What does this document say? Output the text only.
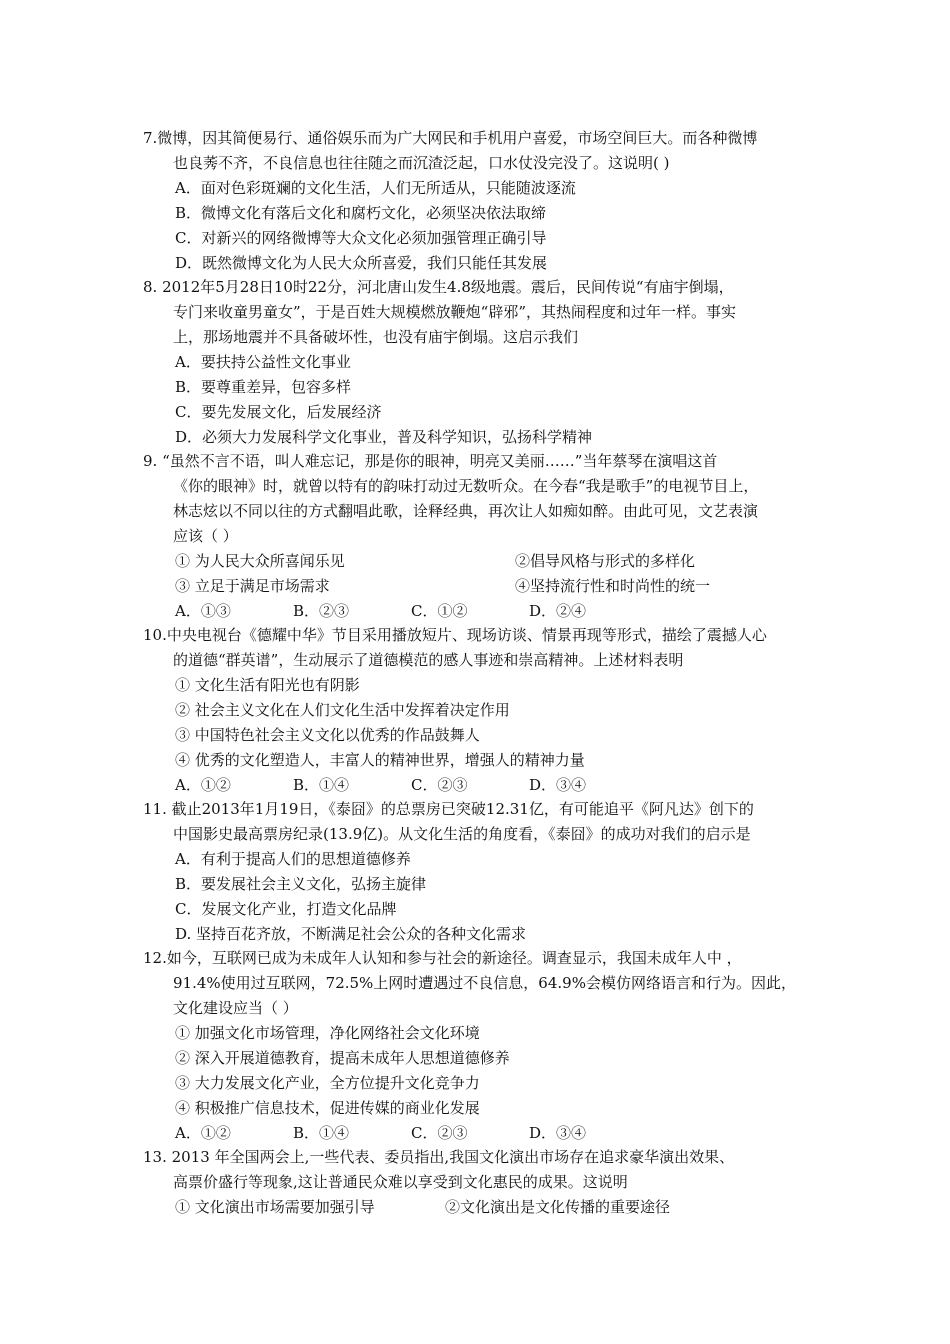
7.微博，因其简便易行、通俗娱乐而为广大网民和手机用户喜爱，市场空间巨大。而各种微博
也良莠不齐，不良信息也往往随之而沉渣泛起，口水仗没完没了。这说明( )
A．面对色彩斑斓的文化生活，人们无所适从，只能随波逐流
B．微博文化有落后文化和腐朽文化，必须坚决依法取缔
C．对新兴的网络微博等大众文化必须加强管理正确引导
D．既然微博文化为人民大众所喜爱，我们只能任其发展
8. 2012年5月28日10时22分，河北唐山发生4.8级地震。震后，民间传说“有庙宇倒塌，
专门来收童男童女”，于是百姓大规模燃放鞭炮“辟邪”，其热闹程度和过年一样。事实
上，那场地震并不具备破坏性，也没有庙宇倒塌。这启示我们
A．要扶持公益性文化事业
B．要尊重差异，包容多样
C．要先发展文化，后发展经济
D．必须大力发展科学文化事业，普及科学知识，弘扬科学精神
9. “虽然不言不语，叫人难忘记，那是你的眼神，明亮又美丽……”当年蔡琴在演唱这首
《你的眼神》时，就曾以特有的韵味打动过无数听众。在今春“我是歌手”的电视节目上，
林志炫以不同以往的方式翻唱此歌，诠释经典，再次让人如痴如醉。由此可见，文艺表演
应该（ ）
① 为人民大众所喜闻乐见	②倡导风格与形式的多样化
③ 立足于满足市场需求	④坚持流行性和时尚性的统一
A．①③	B．②③	C．①②	D．②④
10.中央电视台《德耀中华》节目采用播放短片、现场访谈、情景再现等形式，描绘了震撼人心
的道德“群英谱”，生动展示了道德模范的感人事迹和崇高精神。上述材料表明
① 文化生活有阳光也有阴影
② 社会主义文化在人们文化生活中发挥着决定作用
③ 中国特色社会主义文化以优秀的作品鼓舞人
④ 优秀的文化塑造人，丰富人的精神世界，增强人的精神力量
A．①②	B．①④	C．②③	D．③④
11. 截止2013年1月19日，《泰囧》的总票房已突破12.31亿，有可能追平《阿凡达》创下的
中国影史最高票房纪录(13.9亿)。从文化生活的角度看，《泰囧》的成功对我们的启示是
A．有利于提高人们的思想道德修养
B．要发展社会主义文化，弘扬主旋律
C．发展文化产业，打造文化品牌
D. 坚持百花齐放，不断满足社会公众的各种文化需求
12.如今，互联网已成为未成年人认知和参与社会的新途径。调查显示，我国未成年人中 ，
91.4%使用过互联网，72.5%上网时遭遇过不良信息，64.9%会模仿网络语言和行为。因此，
文化建设应当（ ）
① 加强文化市场管理，净化网络社会文化环境
② 深入开展道德教育，提高未成年人思想道德修养
③ 大力发展文化产业，全方位提升文化竞争力
④ 积极推广信息技术，促进传媒的商业化发展
A．①②	B．①④	C．②③	D．③④
13. 2013 年全国两会上,一些代表、委员指出,我国文化演出市场存在追求豪华演出效果、
高票价盛行等现象,这让普通民众难以享受到文化惠民的成果。这说明
① 文化演出市场需要加强引导	②文化演出是文化传播的重要途径
